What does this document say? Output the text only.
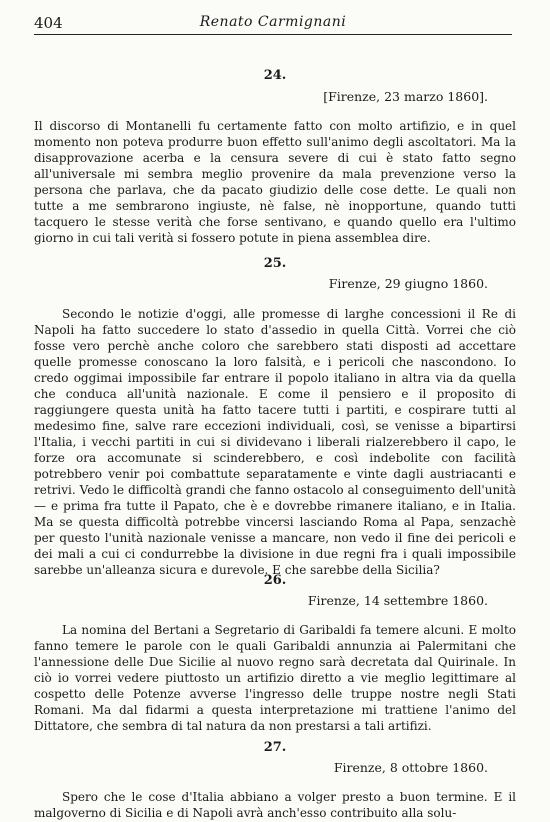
404	Renato Carmignani
24.
[Firenze, 23 marzo 1860].

Il discorso di Montanelli fu certamente fatto con molto artifizio, e in quel momento non poteva produrre buon effetto sull'animo degli ascoltatori. Ma la disapprovazione acerba e la censura severe di cui è stato fatto segno all'universale mi sembra meglio provenire da mala prevenzione verso la persona che parlava, che da pacato giudizio delle cose dette. Le quali non tutte a me sembrarono ingiuste, nè false, nè inopportune, quando tutti tacquero le stesse verità che forse sentivano, e quando quello era l'ultimo giorno in cui tali verità si fossero potute in piena assemblea dire.

25.
Firenze, 29 giugno 1860.

Secondo le notizie d'oggi, alle promesse di larghe concessioni il Re di Napoli ha fatto succedere lo stato d'assedio in quella Città. Vorrei che ciò fosse vero perchè anche coloro che sarebbero stati disposti ad accettare quelle promesse conoscano la loro falsità, e i pericoli che nascondono. Io credo oggimai impossibile far entrare il popolo italiano in altra via da quella che conduca all'unità nazionale. E come il pensiero e il proposito di raggiungere questa unità ha fatto tacere tutti i partiti, e cospirare tutti al medesimo fine, salve rare eccezioni individuali, così, se venisse a bipartirsi l'Italia, i vecchi partiti in cui si dividevano i liberali rialzerebbero il capo, le forze ora accomunate si scinderebbero, e così indebolite con facilità potrebbero venir poi combattute separatamente e vinte dagli austriacanti e retrivi. Vedo le difficoltà grandi che fanno ostacolo al conseguimento dell'unità — e prima fra tutte il Papato, che è e dovrebbe rimanere italiano, e in Italia. Ma se questa difficoltà potrebbe vincersi lasciando Roma al Papa, senzachè per questo l'unità nazionale venisse a mancare, non vedo il fine dei pericoli e dei mali a cui ci condurrebbe la divisione in due regni fra i quali impossibile sarebbe un'alleanza sicura e durevole. E che sarebbe della Sicilia?

26.
Firenze, 14 settembre 1860.

La nomina del Bertani a Segretario di Garibaldi fa temere alcuni. E molto fanno temere le parole con le quali Garibaldi annunzia ai Palermitani che l'annessione delle Due Sicilie al nuovo regno sarà decretata dal Quirinale. In ciò io vorrei vedere piuttosto un artifizio diretto a vie meglio legittimare al cospetto delle Potenze avverse l'ingresso delle truppe nostre negli Stati Romani. Ma dal fidarmi a questa interpretazione mi trattiene l'animo del Dittatore, che sembra di tal natura da non prestarsi a tali artifizi.

27.
Firenze, 8 ottobre 1860.

Spero che le cose d'Italia abbiano a volger presto a buon termine. E il malgoverno di Sicilia e di Napoli avrà anch'esso contribuito alla solu-
